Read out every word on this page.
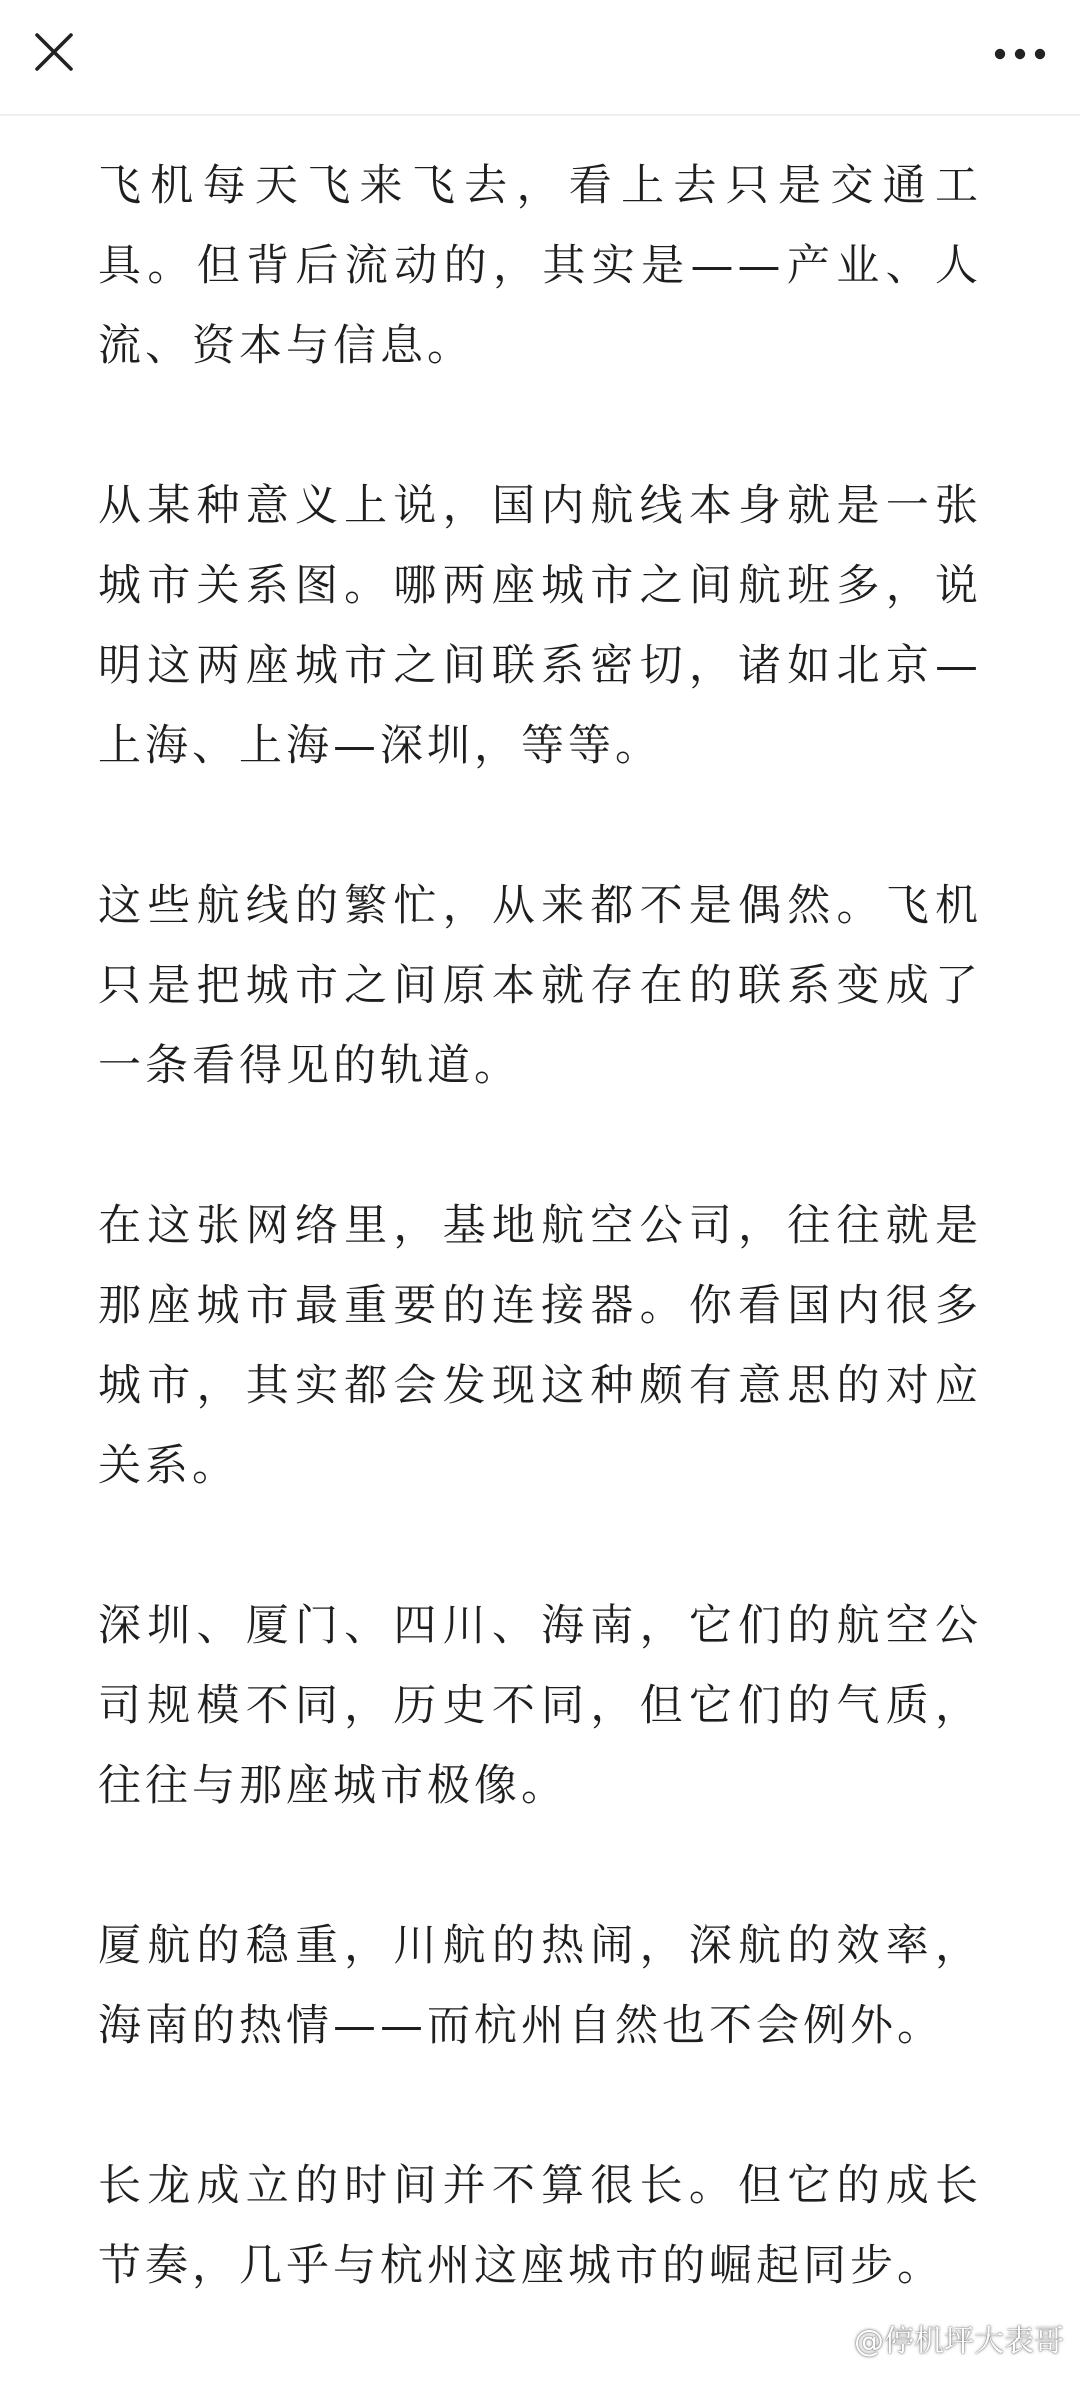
飞机每天飞来飞去，看上去只是交通工具。但背后流动的，其实是——产业、人流、资本与信息。

从某种意义上说，国内航线本身就是一张城市关系图。哪两座城市之间航班多，说明这两座城市之间联系密切，诸如北京—上海、上海—深圳，等等。

这些航线的繁忙，从来都不是偶然。飞机只是把城市之间原本就存在的联系变成了一条看得见的轨道。

在这张网络里，基地航空公司，往往就是那座城市最重要的连接器。你看国内很多城市，其实都会发现这种颇有意思的对应关系。

深圳、厦门、四川、海南，它们的航空公司规模不同，历史不同，但它们的气质，往往与那座城市极像。

厦航的稳重，川航的热闹，深航的效率，海南的热情——而杭州自然也不会例外。

长龙成立的时间并不算很长。但它的成长节奏，几乎与杭州这座城市的崛起同步。

@停机坪大表哥
